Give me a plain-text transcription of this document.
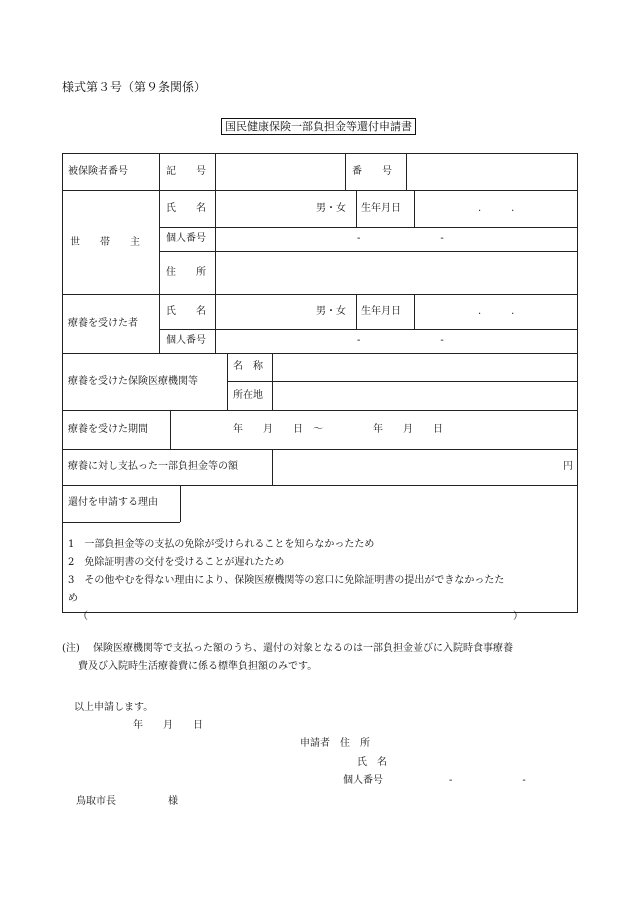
様式第３号（第９条関係）
国民健康保険一部負担金等還付申請書
被保険者番号	記　　号	番　　号
世　　帯　　主
氏　　名	男・女 生年月日	.　　　.
個人番号	-　　　　　　　　-
住　　所
療養を受けた者
氏　　名	男・女 生年月日	.　　　.
個人番号	-　　　　　　　　-
療養を受けた保険医療機関等
名　称
所在地
療養を受けた期間	年　　月　　日　～　　　　　年　　月　　日
療養に対し支払った一部負担金等の額	円
還付を申請する理由
1　一部負担金等の支払の免除が受けられることを知らなかったため
2　免除証明書の交付を受けることが遅れたため
3　その他やむを得ない理由により、保険医療機関等の窓口に免除証明書の提出ができなかったた
め
（	）
(注) 保険医療機関等で支払った額のうち、還付の対象となるのは一部負担金並びに入院時食事療養
費及び入院時生活療養費に係る標準負担額のみです。
以上申請します。
年　　月　　日
申請者　住　所
氏　名
個人番号	-　　　　　　　-
鳥取市長	様
